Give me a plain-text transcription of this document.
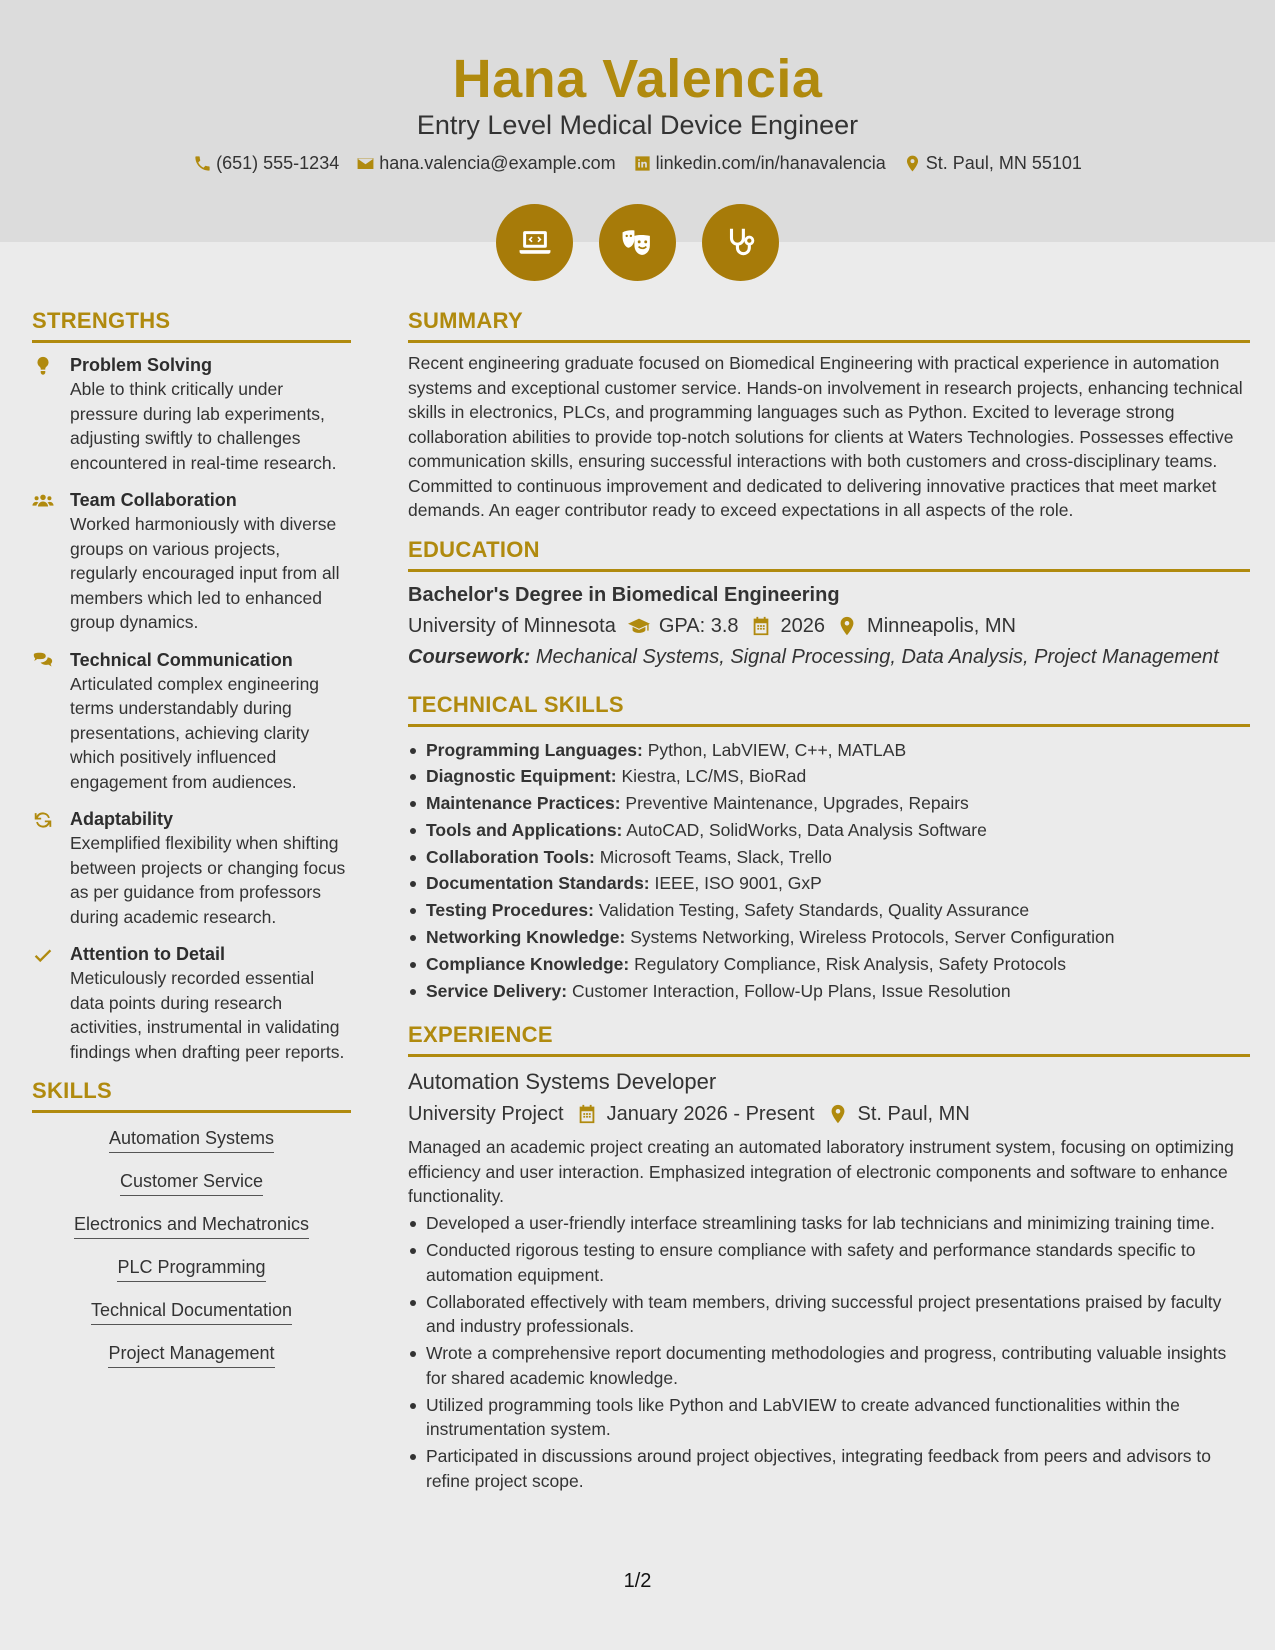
Hana Valencia
Entry Level Medical Device Engineer
(651) 555-1234 hana.valencia@example.com linkedin.com/in/hanavalencia St. Paul, MN 55101
STRENGTHS
Problem Solving
Able to think critically under pressure during lab experiments, adjusting swiftly to challenges encountered in real-time research.
Team Collaboration
Worked harmoniously with diverse groups on various projects, regularly encouraged input from all members which led to enhanced group dynamics.
Technical Communication
Articulated complex engineering terms understandably during presentations, achieving clarity which positively influenced engagement from audiences.
Adaptability
Exemplified flexibility when shifting between projects or changing focus as per guidance from professors during academic research.
Attention to Detail
Meticulously recorded essential data points during research activities, instrumental in validating findings when drafting peer reports.
SKILLS
Automation Systems
Customer Service
Electronics and Mechatronics
PLC Programming
Technical Documentation
Project Management
SUMMARY
Recent engineering graduate focused on Biomedical Engineering with practical experience in automation systems and exceptional customer service. Hands-on involvement in research projects, enhancing technical skills in electronics, PLCs, and programming languages such as Python. Excited to leverage strong collaboration abilities to provide top-notch solutions for clients at Waters Technologies. Possesses effective communication skills, ensuring successful interactions with both customers and cross-disciplinary teams. Committed to continuous improvement and dedicated to delivering innovative practices that meet market demands. An eager contributor ready to exceed expectations in all aspects of the role.
EDUCATION
Bachelor's Degree in Biomedical Engineering
University of Minnesota GPA: 3.8 2026 Minneapolis, MN
Coursework: Mechanical Systems, Signal Processing, Data Analysis, Project Management
TECHNICAL SKILLS
Programming Languages: Python, LabVIEW, C++, MATLAB
Diagnostic Equipment: Kiestra, LC/MS, BioRad
Maintenance Practices: Preventive Maintenance, Upgrades, Repairs
Tools and Applications: AutoCAD, SolidWorks, Data Analysis Software
Collaboration Tools: Microsoft Teams, Slack, Trello
Documentation Standards: IEEE, ISO 9001, GxP
Testing Procedures: Validation Testing, Safety Standards, Quality Assurance
Networking Knowledge: Systems Networking, Wireless Protocols, Server Configuration
Compliance Knowledge: Regulatory Compliance, Risk Analysis, Safety Protocols
Service Delivery: Customer Interaction, Follow-Up Plans, Issue Resolution
EXPERIENCE
Automation Systems Developer
University Project January 2026 - Present St. Paul, MN
Managed an academic project creating an automated laboratory instrument system, focusing on optimizing efficiency and user interaction. Emphasized integration of electronic components and software to enhance functionality.
Developed a user-friendly interface streamlining tasks for lab technicians and minimizing training time.
Conducted rigorous testing to ensure compliance with safety and performance standards specific to automation equipment.
Collaborated effectively with team members, driving successful project presentations praised by faculty and industry professionals.
Wrote a comprehensive report documenting methodologies and progress, contributing valuable insights for shared academic knowledge.
Utilized programming tools like Python and LabVIEW to create advanced functionalities within the instrumentation system.
Participated in discussions around project objectives, integrating feedback from peers and advisors to refine project scope.
1/2
